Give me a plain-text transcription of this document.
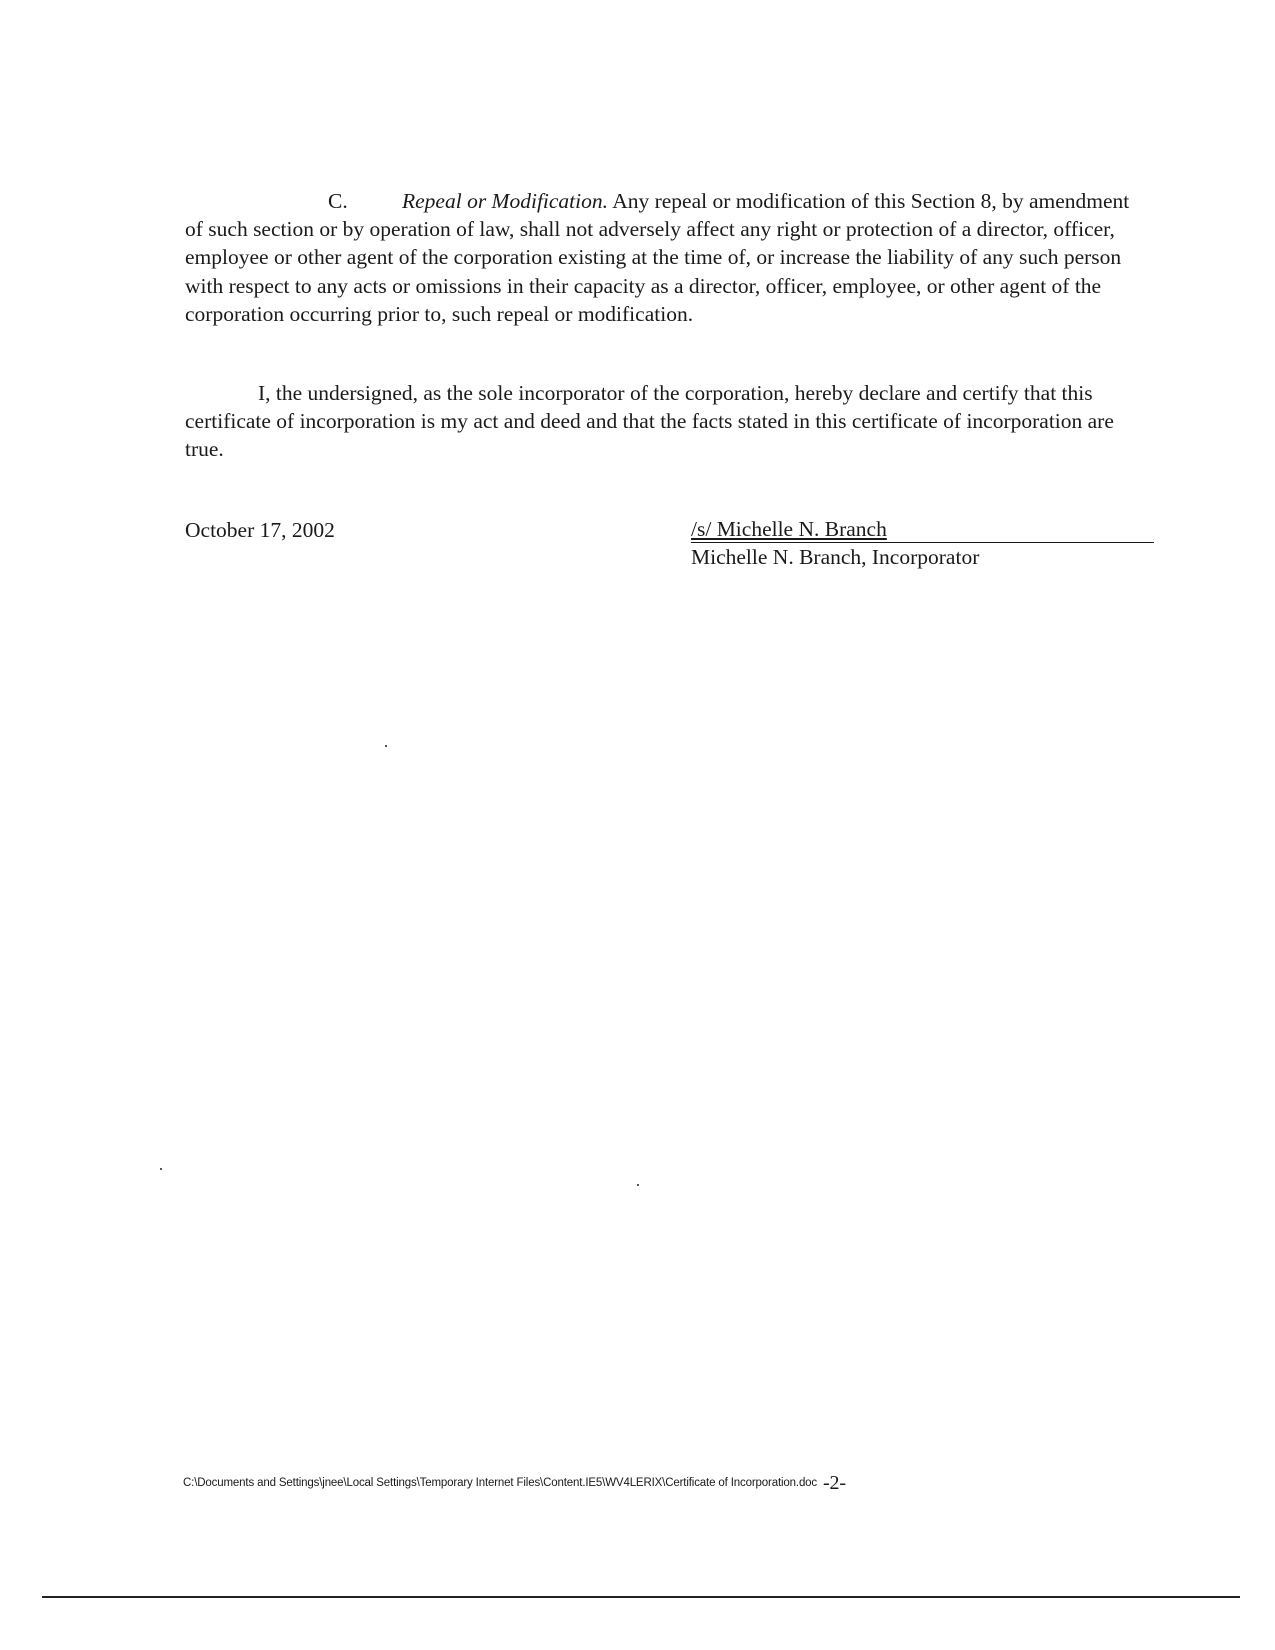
C.	Repeal or Modification. Any repeal or modification of this Section 8, by amendment of such section or by operation of law, shall not adversely affect any right or protection of a director, officer, employee or other agent of the corporation existing at the time of, or increase the liability of any such person with respect to any acts or omissions in their capacity as a director, officer, employee, or other agent of the corporation occurring prior to, such repeal or modification.

I, the undersigned, as the sole incorporator of the corporation, hereby declare and certify that this certificate of incorporation is my act and deed and that the facts stated in this certificate of incorporation are true.

October 17, 2002	/s/ Michelle N. Branch
Michelle N. Branch, Incorporator
C:\Documents and Settings\jnee\Local Settings\Temporary Internet Files\Content.IE5\WV4LERIX\Certificate of Incorporation.doc -2-
